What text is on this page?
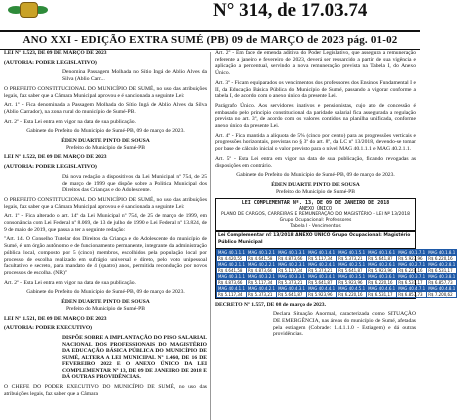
N° 314, de 17.03.74
ANO XXI - EDIÇÃO EXTRA SUMÉ (PB) 09 de MARÇO de 2023 pág. 01-02

LEI Nº 1.523, DE 09 DE MARÇO DE 2023

(AUTORIA: PODER LEGISLATIVO)

Denomina Passagem Molhada no Sítio Ingá de Ablio Alves da Silva (Ablio Carr...

O PREFEITO CONSTITUCIONAL DO MUNICÍPIO DE SUMÉ, no uso das atribuições legais, faz saber que a Câmara Municipal aprovou e é sancionada a seguinte Lei:

Art. 1º - Fica denominada a Passagem Molhada do Sítio Ingá de Ablio Alves da Silva (Ablio Carrador), na zona rural do município de Sumé-PB.

Art. 2º - Esta Lei entra em vigor na data de sua publicação.

Gabinete do Prefeito do Município de Sumé-PB, 09 de março de 2023.

ÉDEN DUARTE PINTO DE SOUSA

Prefeito do Município de Sumé-PB

LEI Nº 1.522, DE 09 DE MARÇO DE 2023

(AUTORIA: PODER LEGISLATIVO)

Dá nova redação a dispositivos da Lei Municipal nº 754, de 25 de março de 1999 que dispõe sobre a Política Municipal dos Direitos das Crianças e do Adolescente.

O PREFEITO CONSTITUCIONAL DO MUNICÍPIO DE SUMÉ, no uso das atribuições legais, faz saber que a Câmara Municipal aprovou e é sancionada a seguinte Lei:

Art. 1º - Fica alterado o art. 14º da Lei Municipal nº 754, de 25 de março de 1999, em consonância com Lei Federal nº 8.069, de 13 de julho de 1990 e Lei Federal nº 13.824, de 9 de maio de 2019, que passa a ter a seguinte redação:

"Art. 14. O Conselho Tutelar dos Direitos da Criança e do Adolescente do município de Sumé, é um órgão autônomo e de funcionamento permanente, integrante da administração pública local, composto por 5 (cinco) membros, escolhidos pela população local por processo de escolha realizado em sufrágio universal e direto, pelo voto unipessoal facultativo e secreto, para mandato de 4 (quatro) anos, permitida recondução por novos processos de escolha. (NR)"

Art. 2º - Esta Lei entra em vigor na data de sua publicação.

Gabinete do Prefeito do Município de Sumé-PB, 09 de março de 2023.

ÉDEN DUARTE PINTO DE SOUSA

Prefeito do Município de Sumé-PB

LEI Nº 1.521, DE 09 DE MARÇO DE 2023

(AUTORIA: PODER EXECUTIVO)

DISPÕE SOBRE A IMPLANTAÇÃO DO PISO SALARIAL NACIONAL DOS PROFESSIONAIS DO MAGISTÉRIO DA EDUCAÇÃO BÁSICA PÚBLICA DO MUNICÍPIO DE SUMÉ, ALTERA A LEI MUNICIPAL Nº 1.460, DE 16 DE FEVEREIRO 2022 E O ANEXO ÚNICO DA LEI COMPLEMENTAR Nº 13, DE 09 DE JANEIRO DE 2018 E DÁ OUTRAS PROVIDÊNCIAS.

O CHEFE DO PODER EXECUTIVO DO MUNICÍPIO DE SUMÉ, no uso das atribuições legais, faz saber que a Câmara

Art. 2º - Em face de emenda aditiva do Poder Legislativo, que assegura a remuneração referente a janeiro e fevereiro de 2023, deverá ser ressarcido a partir de sua vigência e aplicação a percentual, servindo a nova remuneração prevista na Tabela I, do Anexo Único.

Art. 3º - Ficam equiparados os vencimentos dos professores dos Ensinos Fundamental I e II, da Educação Básica Pública do Município de Sumé, passando a vigorar conforme a tabela I, de acordo com o anexo único da presente Lei.

Parágrafo Único. Aos servidores inativos e pensionistas, cujo ato de concessão é embasado pelo princípio constitucional da paridade salarial fica assegurada a regulação prevista no art. 3º, de acordo com os valores contidos na planilha unificada, conforme anexo único da presente Lei.

Art. 4º - Fica mantida a alíquota de 5% (cinco por cento) para as progressões verticais e progressões horizontais, previstas no § 3º do art. 8º, da LC nº 13/2018, devendo-se tomar por base de cálculo inicial o valor previsto para o nível MAG 40.1.1.1 e MAG 40.2.1.1.

Art. 5º - Esta Lei entra em vigor na data de sua publicação, ficando revogadas as disposições em contrário.

Gabinete do Prefeito do Município de Sumé-PB, 09 de março de 2023.

ÉDEN DUARTE PINTO DE SOUSA

Prefeito do Município de Sumé-PB

LEI COMPLEMENTAR Nº. 13, DE 09 DE JANEIRO DE 2018
ANEXO ÚNICO
PLANO DE CARGOS, CARREIRAS E REMUNERAÇÃO DO MAGISTÉRIO - LEI Nº 13/2018
Grupo Ocupacional: Professores
Tabela I - Vencimentos
Lei Complementar nº 13/2018 ANEXO ÚNICO Grupo Ocupacional: Magistério Público Municipal
MAG 40.1.1.1	MAG 40.1.2.1	MAG 40.1.3.1	MAG 40.1.4.1	MAG 40.1.5.1	MAG 40.1.6.1	MAG 40.1.7.1	MAG 40.1.8.1
R$ 4.420,55	R$ 4.641,58	R$ 4.873,66	R$ 5.117,34	R$ 5.373,21	R$ 5.641,87	R$ 5.923,96	R$ 6.220,16
MAG 40.2.1.1	MAG 40.2.2.1	MAG 40.2.3.1	MAG 40.2.4.1	MAG 40.2.5.1	MAG 40.2.6.1	MAG 40.2.7.1	MAG 40.2.8.1
R$ 4.641,58	R$ 4.873,66	R$ 5.117,34	R$ 5.373,21	R$ 5.641,87	R$ 5.923,96	R$ 6.220,16	R$ 6.531,17
MAG 40.3.1.1	MAG 40.3.2.1	MAG 40.3.3.1	MAG 40.3.4.1	MAG 40.3.5.1	MAG 40.3.6.1	MAG 40.3.7.1	MAG 40.3.8.1
R$ 4.873,66	R$ 5.117,34	R$ 5.373,21	R$ 5.641,87	R$ 5.923,96	R$ 6.220,16	R$ 6.531,17	R$ 6.857,73
MAG 40.4.1.1	MAG 40.4.2.1	MAG 40.4.3.1	MAG 40.4.4.1	MAG 40.4.5.1	MAG 40.4.6.1	MAG 40.4.7.1	MAG 40.4.8.1
R$ 5.117,34	R$ 5.373,21	R$ 5.641,87	R$ 5.923,96	R$ 6.220,16	R$ 6.531,17	R$ 6.857,73	R$ 7.200,62

DECRETO Nº 1.557, DE 08 de março de 2023.

Declara Situação Anormal, caracterizada como SITUAÇÃO DE EMERGÊNCIA, nas áreas do município de Sumé, afetadas pela estiagem (Cobrade: 1.4.1.1.0 - Estiagem) e dá outras providências.
